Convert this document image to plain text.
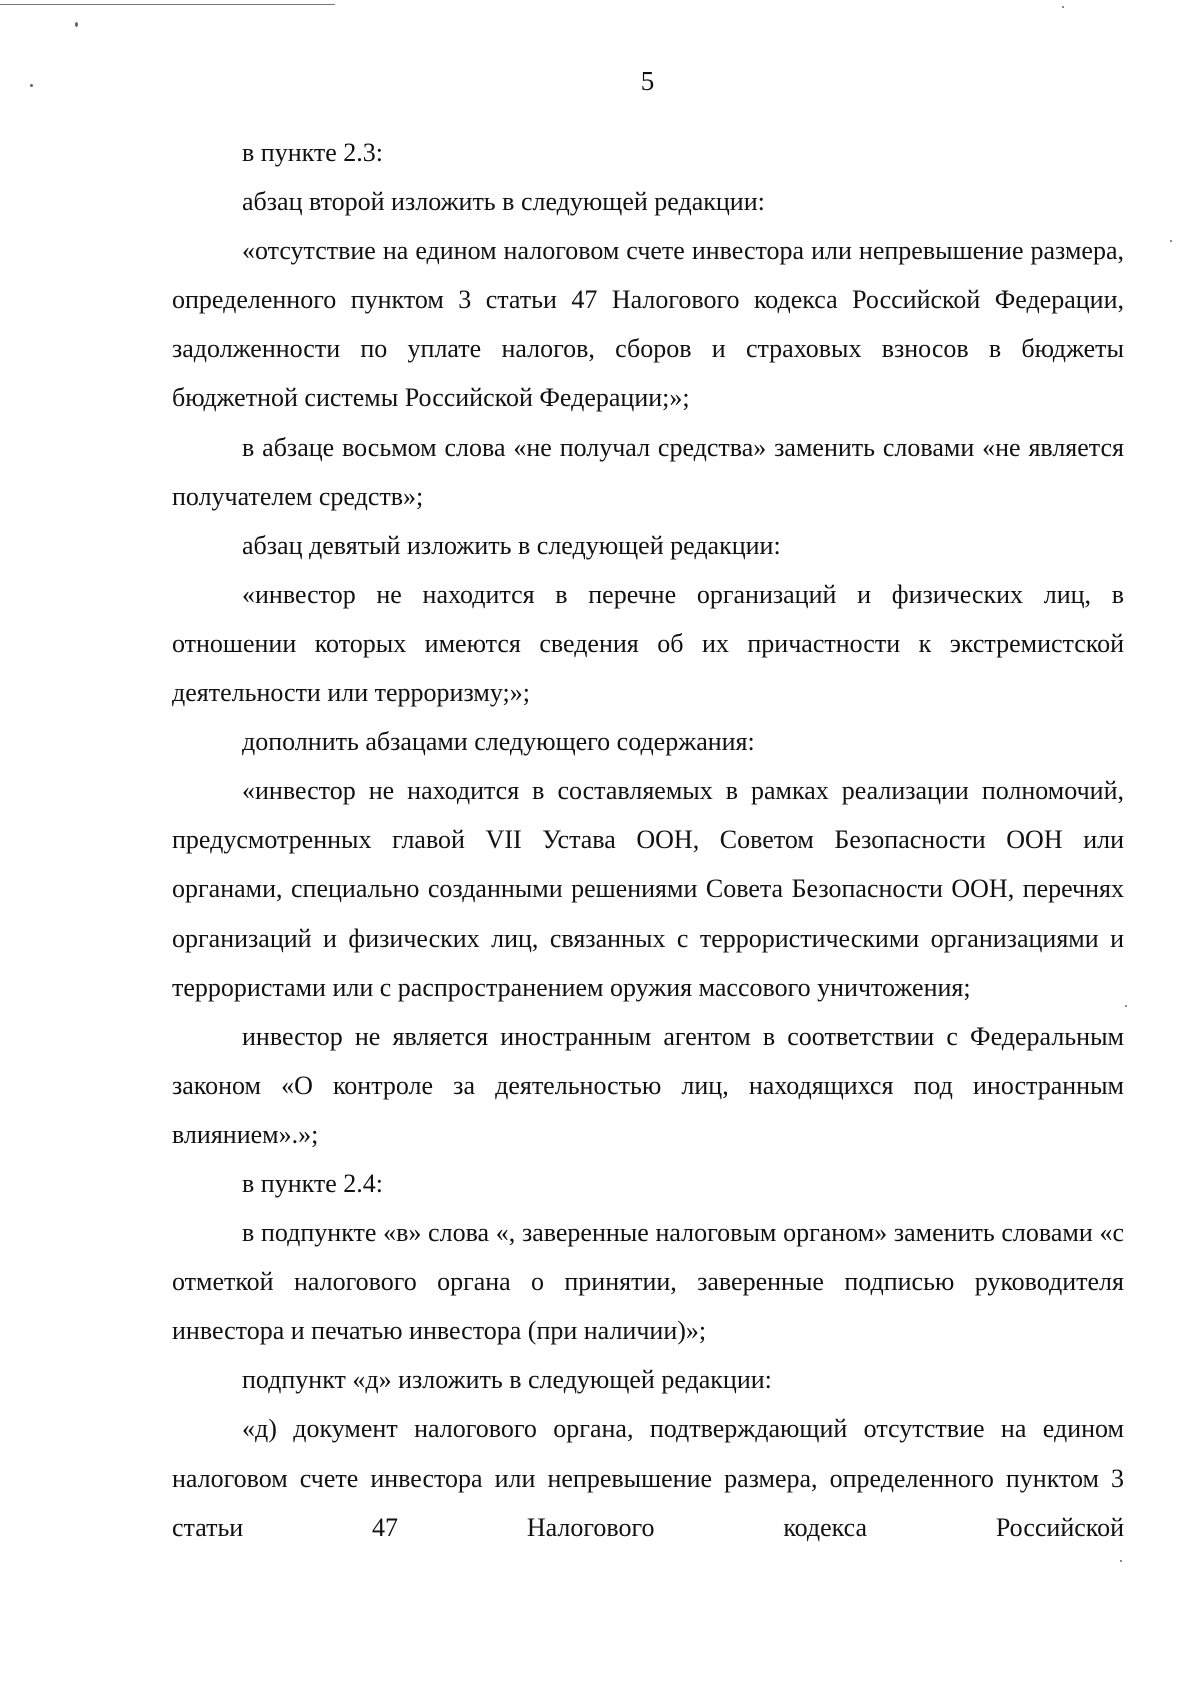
5

в пункте 2.3:

абзац второй изложить в следующей редакции:

«отсутствие на едином налоговом счете инвестора или непревышение размера, определенного пунктом 3 статьи 47 Налогового кодекса Российской Федерации, задолженности по уплате налогов, сборов и страховых взносов в бюджеты бюджетной системы Российской Федерации;»;

в абзаце восьмом слова «не получал средства» заменить словами «не является получателем средств»;

абзац девятый изложить в следующей редакции:

«инвестор не находится в перечне организаций и физических лиц, в отношении которых имеются сведения об их причастности к экстремистской деятельности или терроризму;»;

дополнить абзацами следующего содержания:

«инвестор не находится в составляемых в рамках реализации полномочий, предусмотренных главой VII Устава ООН, Советом Безопасности ООН или органами, специально созданными решениями Совета Безопасности ООН, перечнях организаций и физических лиц, связанных с террористическими организациями и террористами или с распространением оружия массового уничтожения;

инвестор не является иностранным агентом в соответствии с Федеральным законом «О контроле за деятельностью лиц, находящихся под иностранным влиянием».»;

в пункте 2.4:

в подпункте «в» слова «, заверенные налоговым органом» заменить словами «с отметкой налогового органа о принятии, заверенные подписью руководителя инвестора и печатью инвестора (при наличии)»;

подпункт «д» изложить в следующей редакции:

«д) документ налогового органа, подтверждающий отсутствие на едином налоговом счете инвестора или непревышение размера, определенного пунктом 3 статьи 47 Налогового кодекса Российской
